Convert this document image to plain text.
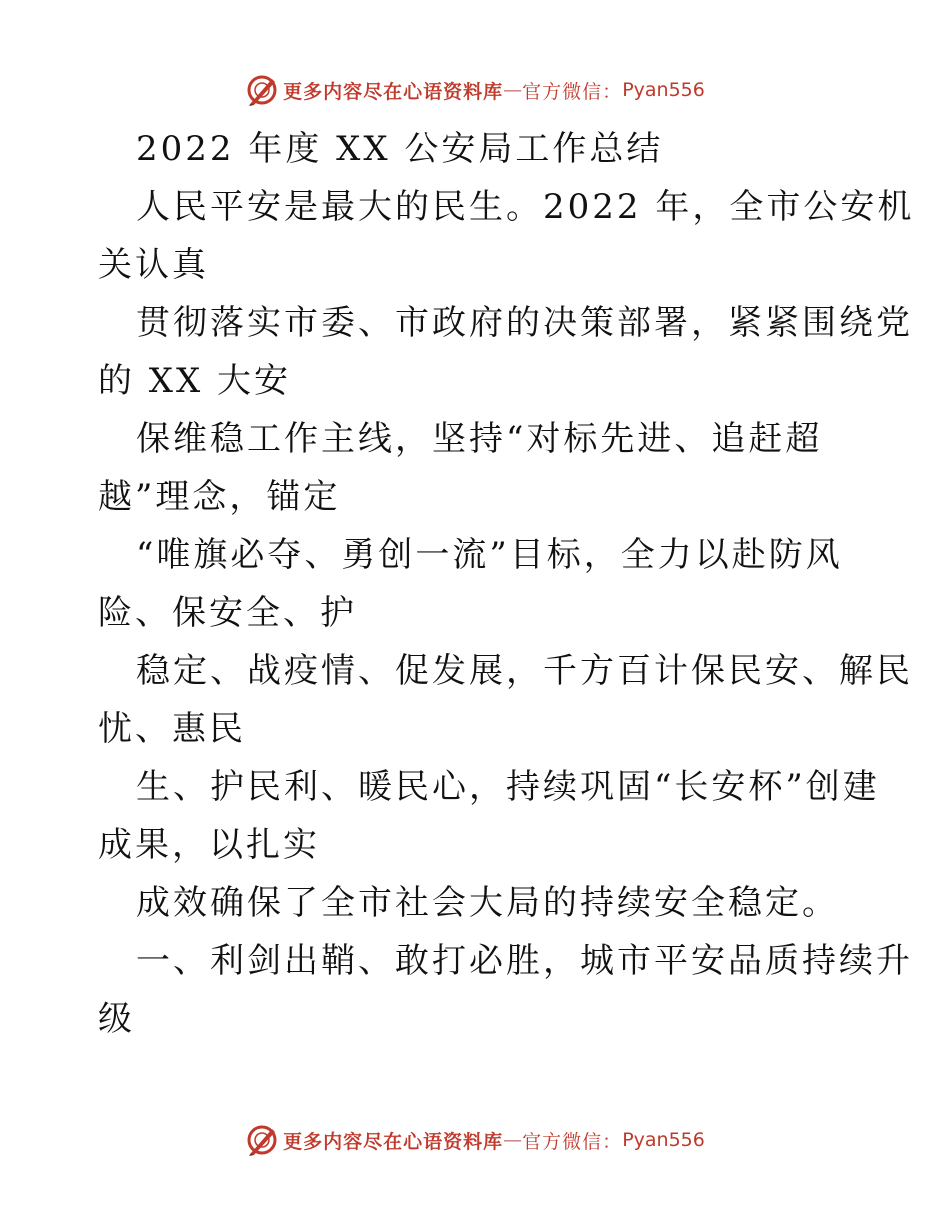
更多内容尽在心语资料库 — 官方微信： Pyan556
2022 年度 XX 公安局工作总结
人民平安是最大的民生。2022 年，全市公安机
关认真
贯彻落实市委、市政府的决策部署，紧紧围绕党
的 XX 大安
保维稳工作主线，坚持“对标先进、追赶超
越”理念，锚定
“唯旗必夺、勇创一流”目标，全力以赴防风
险、保安全、护
稳定、战疫情、促发展，千方百计保民安、解民
忧、惠民
生、护民利、暖民心，持续巩固“长安杯”创建
成果，以扎实
成效确保了全市社会大局的持续安全稳定。
一、利剑出鞘、敢打必胜，城市平安品质持续升
级
更多内容尽在心语资料库 — 官方微信： Pyan556
